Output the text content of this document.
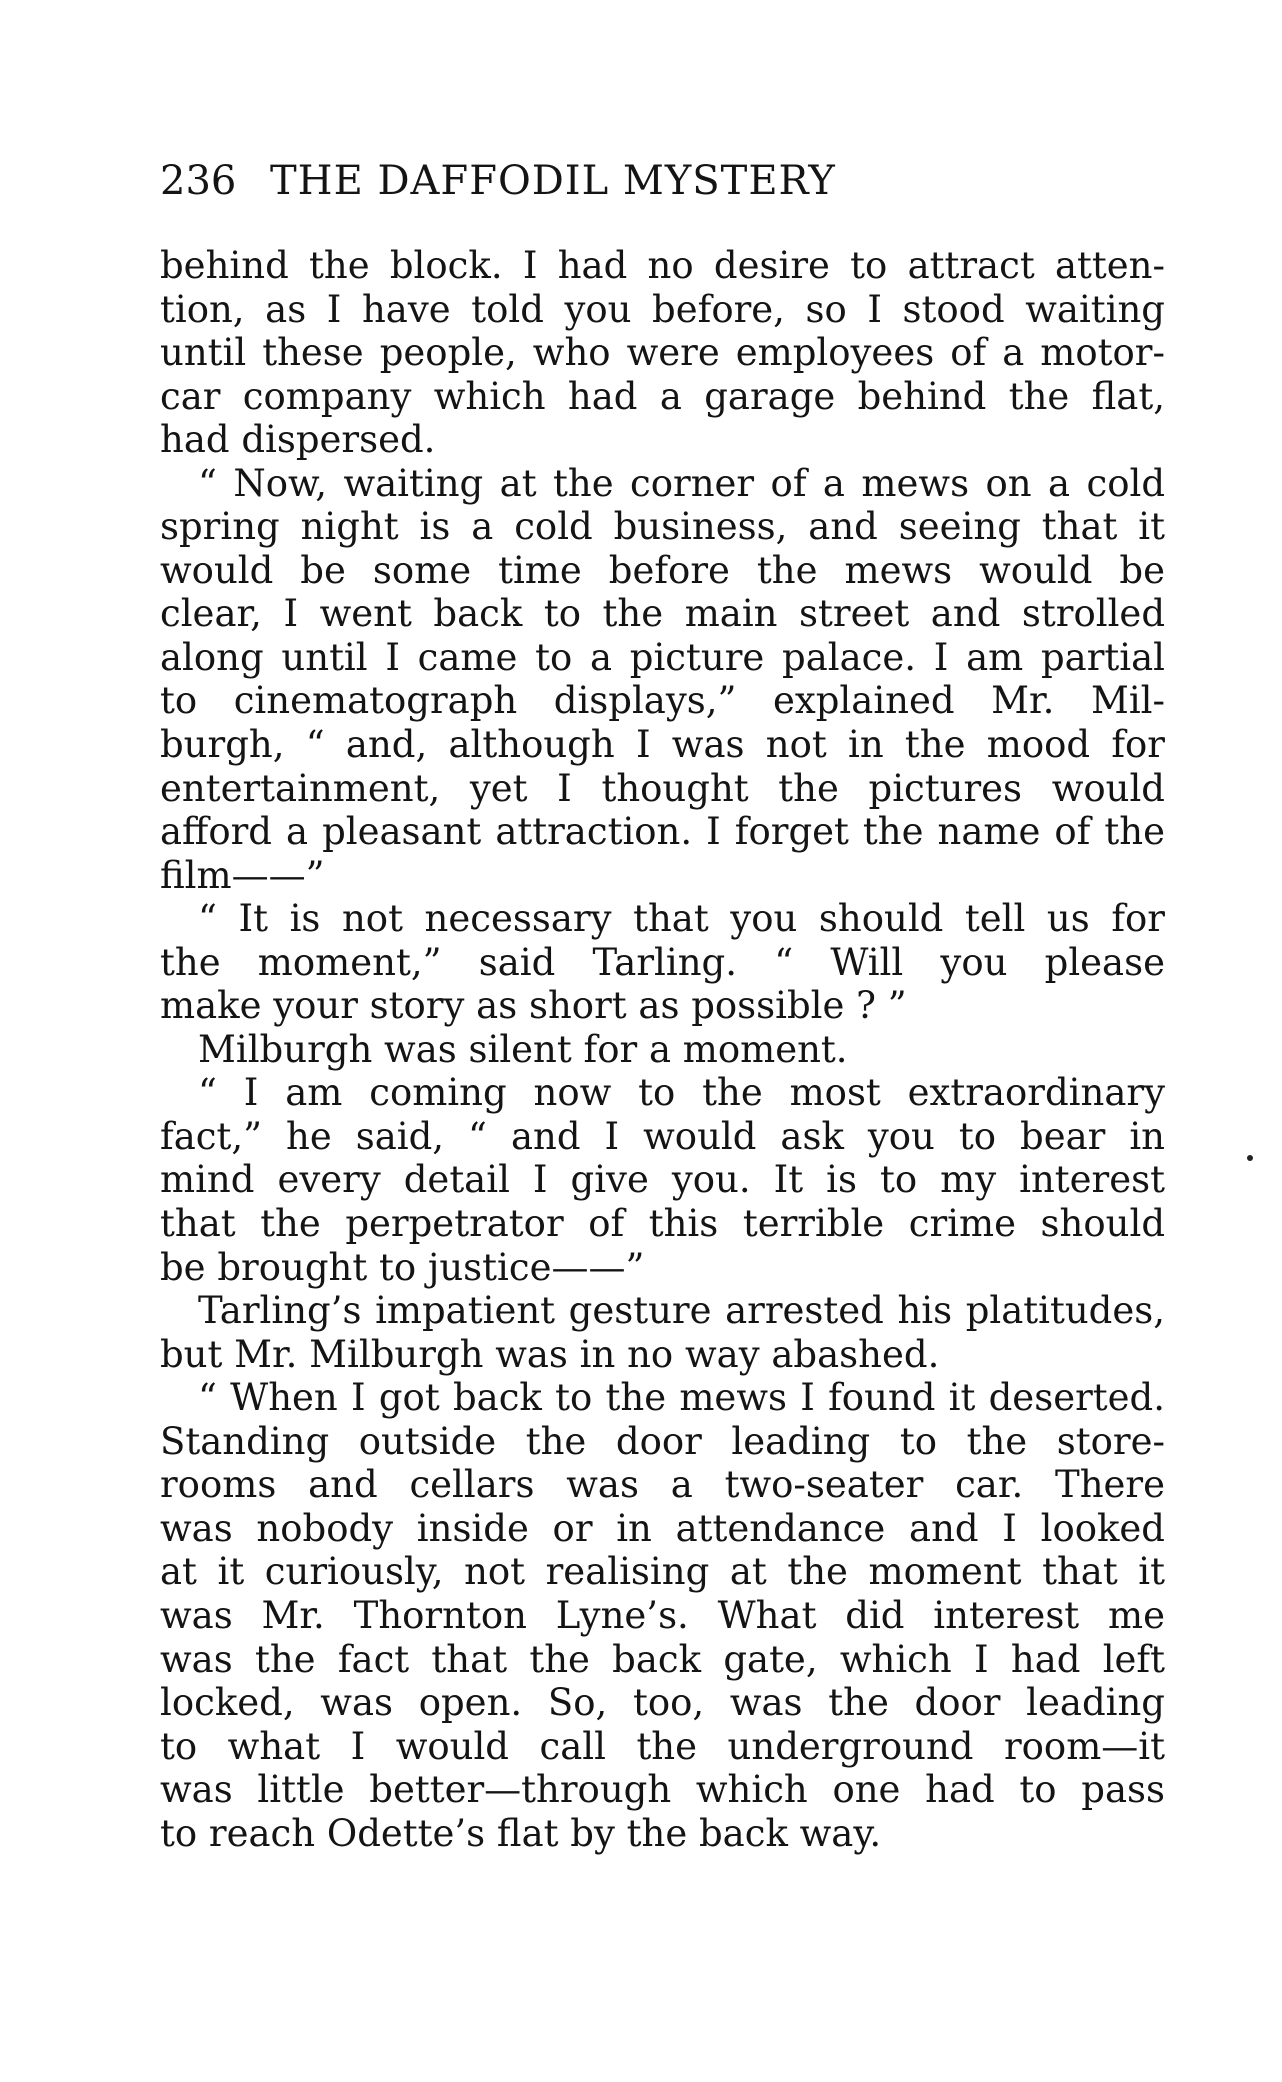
236 THE DAFFODIL MYSTERY
behind the block. I had no desire to attract atten-
tion, as I have told you before, so I stood waiting
until these people, who were employees of a motor-
car company which had a garage behind the flat,
had dispersed.
“ Now, waiting at the corner of a mews on a cold
spring night is a cold business, and seeing that it
would be some time before the mews would be
clear, I went back to the main street and strolled
along until I came to a picture palace. I am partial
to cinematograph displays,” explained Mr. Mil-
burgh, “ and, although I was not in the mood for
entertainment, yet I thought the pictures would
afford a pleasant attraction. I forget the name of the
film——”
“ It is not necessary that you should tell us for
the moment,” said Tarling. “ Will you please
make your story as short as possible ? ”
Milburgh was silent for a moment.
“ I am coming now to the most extraordinary
fact,” he said, “ and I would ask you to bear in
mind every detail I give you. It is to my interest
that the perpetrator of this terrible crime should
be brought to justice——”
Tarling’s impatient gesture arrested his platitudes,
but Mr. Milburgh was in no way abashed.
“ When I got back to the mews I found it deserted.
Standing outside the door leading to the store-
rooms and cellars was a two-seater car. There
was nobody inside or in attendance and I looked
at it curiously, not realising at the moment that it
was Mr. Thornton Lyne’s. What did interest me
was the fact that the back gate, which I had left
locked, was open. So, too, was the door leading
to what I would call the underground room—it
was little better—through which one had to pass
to reach Odette’s flat by the back way.
